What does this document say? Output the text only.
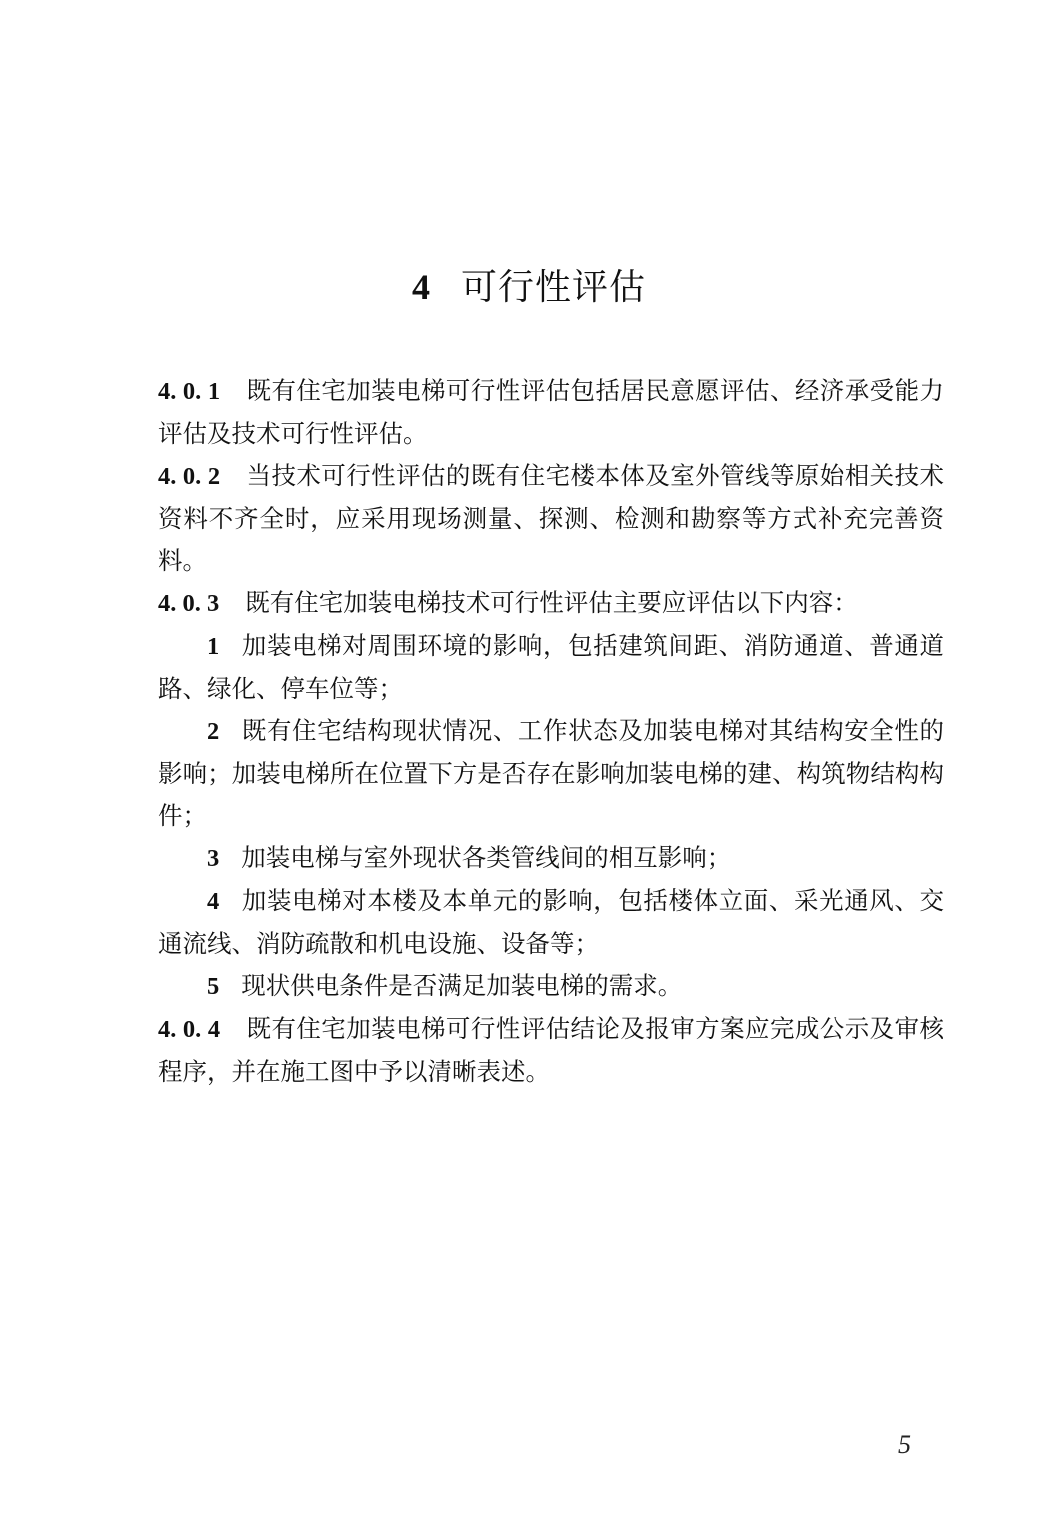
4 可行性评估

4. 0. 1 既有住宅加装电梯可行性评估包括居民意愿评估、经济承受能力评估及技术可行性评估。

4. 0. 2 当技术可行性评估的既有住宅楼本体及室外管线等原始相关技术资料不齐全时，应采用现场测量、探测、检测和勘察等方式补充完善资料。

4. 0. 3 既有住宅加装电梯技术可行性评估主要应评估以下内容：

1 加装电梯对周围环境的影响，包括建筑间距、消防通道、普通道路、绿化、停车位等；

2 既有住宅结构现状情况、工作状态及加装电梯对其结构安全性的影响；加装电梯所在位置下方是否存在影响加装电梯的建、构筑物结构构件；

3 加装电梯与室外现状各类管线间的相互影响；

4 加装电梯对本楼及本单元的影响，包括楼体立面、采光通风、交通流线、消防疏散和机电设施、设备等；

5 现状供电条件是否满足加装电梯的需求。

4. 0. 4 既有住宅加装电梯可行性评估结论及报审方案应完成公示及审核程序，并在施工图中予以清晰表述。

5
